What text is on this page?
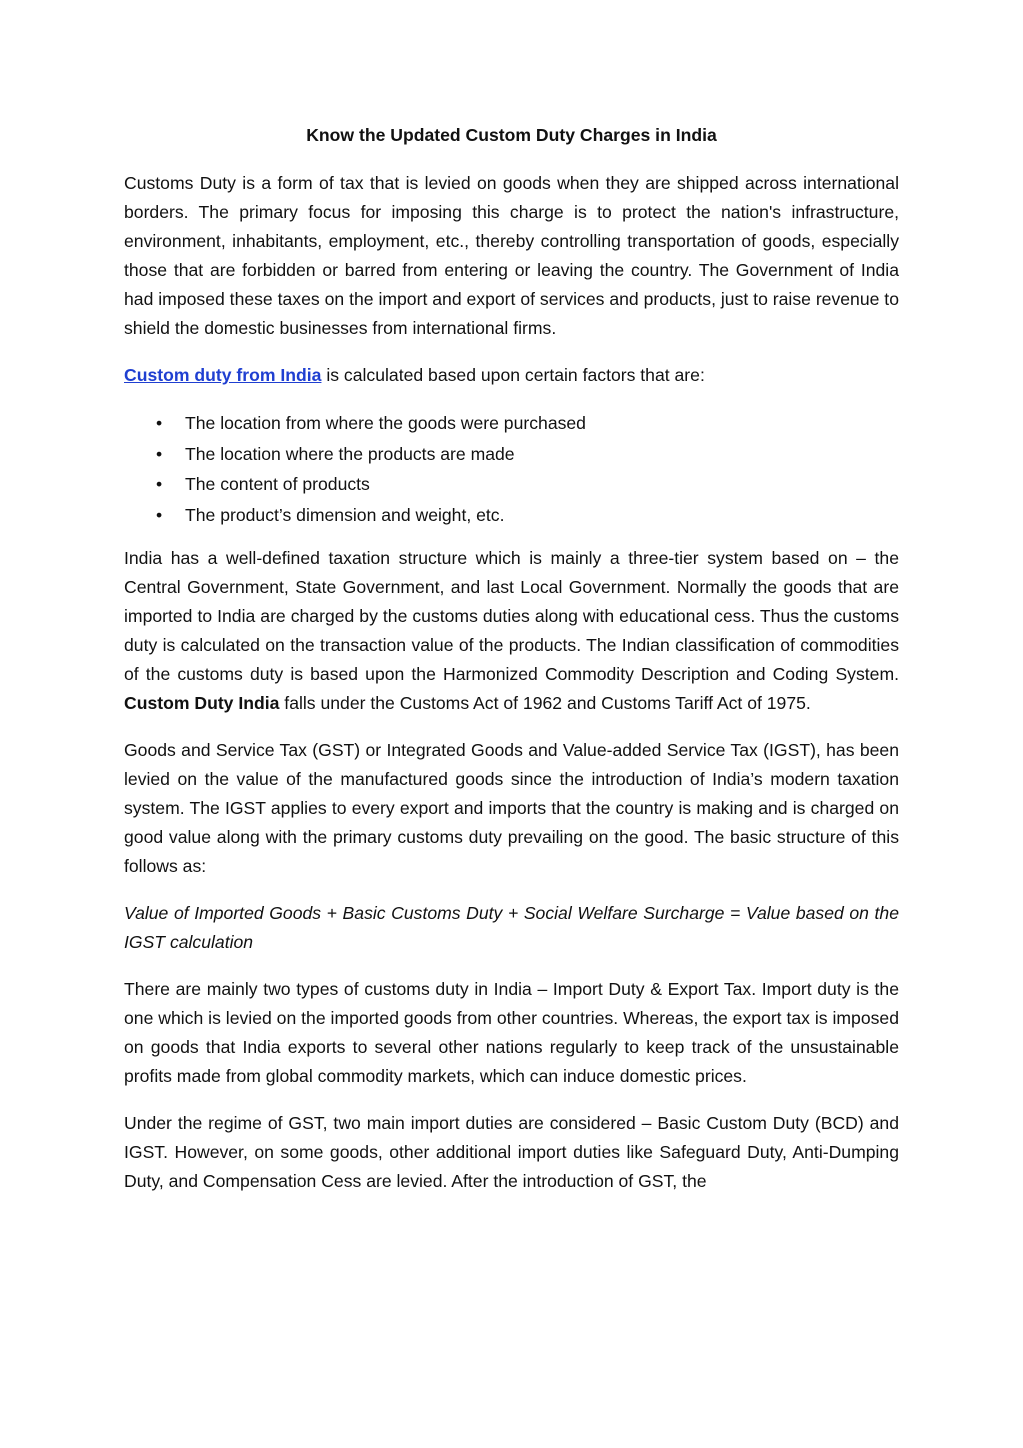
Know the Updated Custom Duty Charges in India

Customs Duty is a form of tax that is levied on goods when they are shipped across international borders. The primary focus for imposing this charge is to protect the nation's infrastructure, environment, inhabitants, employment, etc., thereby controlling transportation of goods, especially those that are forbidden or barred from entering or leaving the country. The Government of India had imposed these taxes on the import and export of services and products, just to raise revenue to shield the domestic businesses from international firms.

Custom duty from India is calculated based upon certain factors that are:

• The location from where the goods were purchased
• The location where the products are made
• The content of products
• The product’s dimension and weight, etc.

India has a well-defined taxation structure which is mainly a three-tier system based on – the Central Government, State Government, and last Local Government. Normally the goods that are imported to India are charged by the customs duties along with educational cess. Thus the customs duty is calculated on the transaction value of the products. The Indian classification of commodities of the customs duty is based upon the Harmonized Commodity Description and Coding System. Custom Duty India falls under the Customs Act of 1962 and Customs Tariff Act of 1975.

Goods and Service Tax (GST) or Integrated Goods and Value-added Service Tax (IGST), has been levied on the value of the manufactured goods since the introduction of India’s modern taxation system. The IGST applies to every export and imports that the country is making and is charged on good value along with the primary customs duty prevailing on the good. The basic structure of this follows as:

Value of Imported Goods + Basic Customs Duty + Social Welfare Surcharge = Value based on the IGST calculation

There are mainly two types of customs duty in India – Import Duty & Export Tax. Import duty is the one which is levied on the imported goods from other countries. Whereas, the export tax is imposed on goods that India exports to several other nations regularly to keep track of the unsustainable profits made from global commodity markets, which can induce domestic prices.

Under the regime of GST, two main import duties are considered – Basic Custom Duty (BCD) and IGST. However, on some goods, other additional import duties like Safeguard Duty, Anti-Dumping Duty, and Compensation Cess are levied. After the introduction of GST, the
